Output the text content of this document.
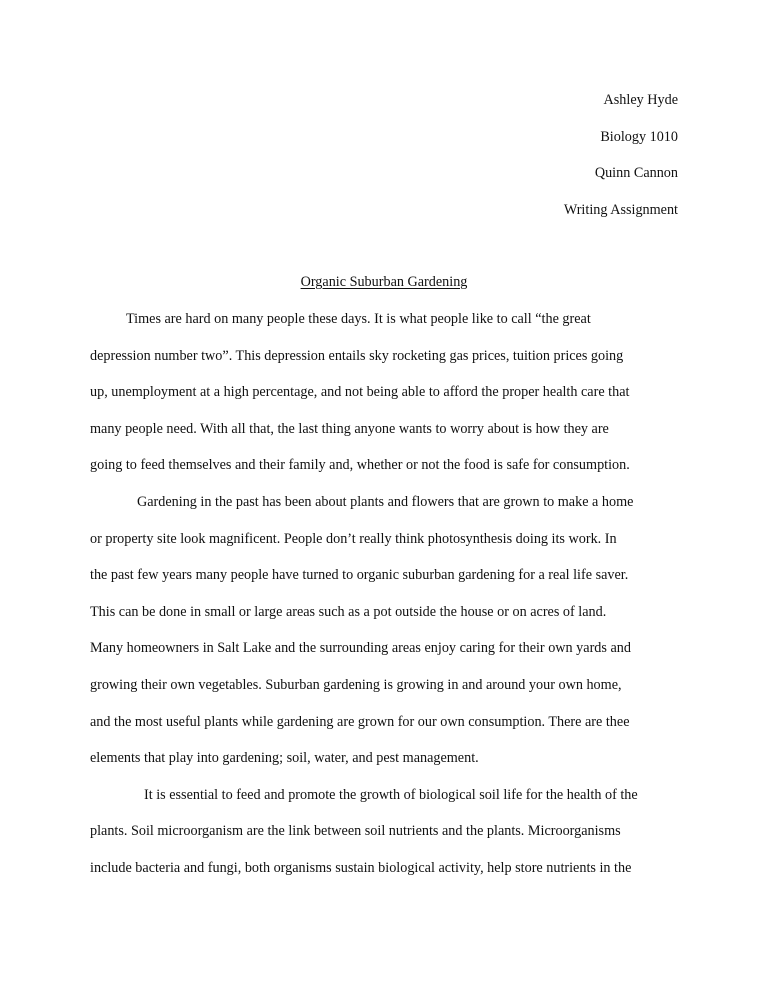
Ashley Hyde
Biology 1010
Quinn Cannon
Writing Assignment
Organic Suburban Gardening
Times are hard on many people these days. It is what people like to call “the great
depression number two”. This depression entails sky rocketing gas prices, tuition prices going
up, unemployment at a high percentage, and not being able to afford the proper health care that
many people need. With all that, the last thing anyone wants to worry about is how they are
going to feed themselves and their family and, whether or not the food is safe for consumption.
Gardening in the past has been about plants and flowers that are grown to make a home
or property site look magnificent. People don’t really think photosynthesis doing its work. In
the past few years many people have turned to organic suburban gardening for a real life saver.
This can be done in small or large areas such as a pot outside the house or on acres of land.
Many homeowners in Salt Lake and the surrounding areas enjoy caring for their own yards and
growing their own vegetables. Suburban gardening is growing in and around your own home,
and the most useful plants while gardening are grown for our own consumption. There are thee
elements that play into gardening; soil, water, and pest management.
It is essential to feed and promote the growth of biological soil life for the health of the
plants. Soil microorganism are the link between soil nutrients and the plants. Microorganisms
include bacteria and fungi, both organisms sustain biological activity, help store nutrients in the
